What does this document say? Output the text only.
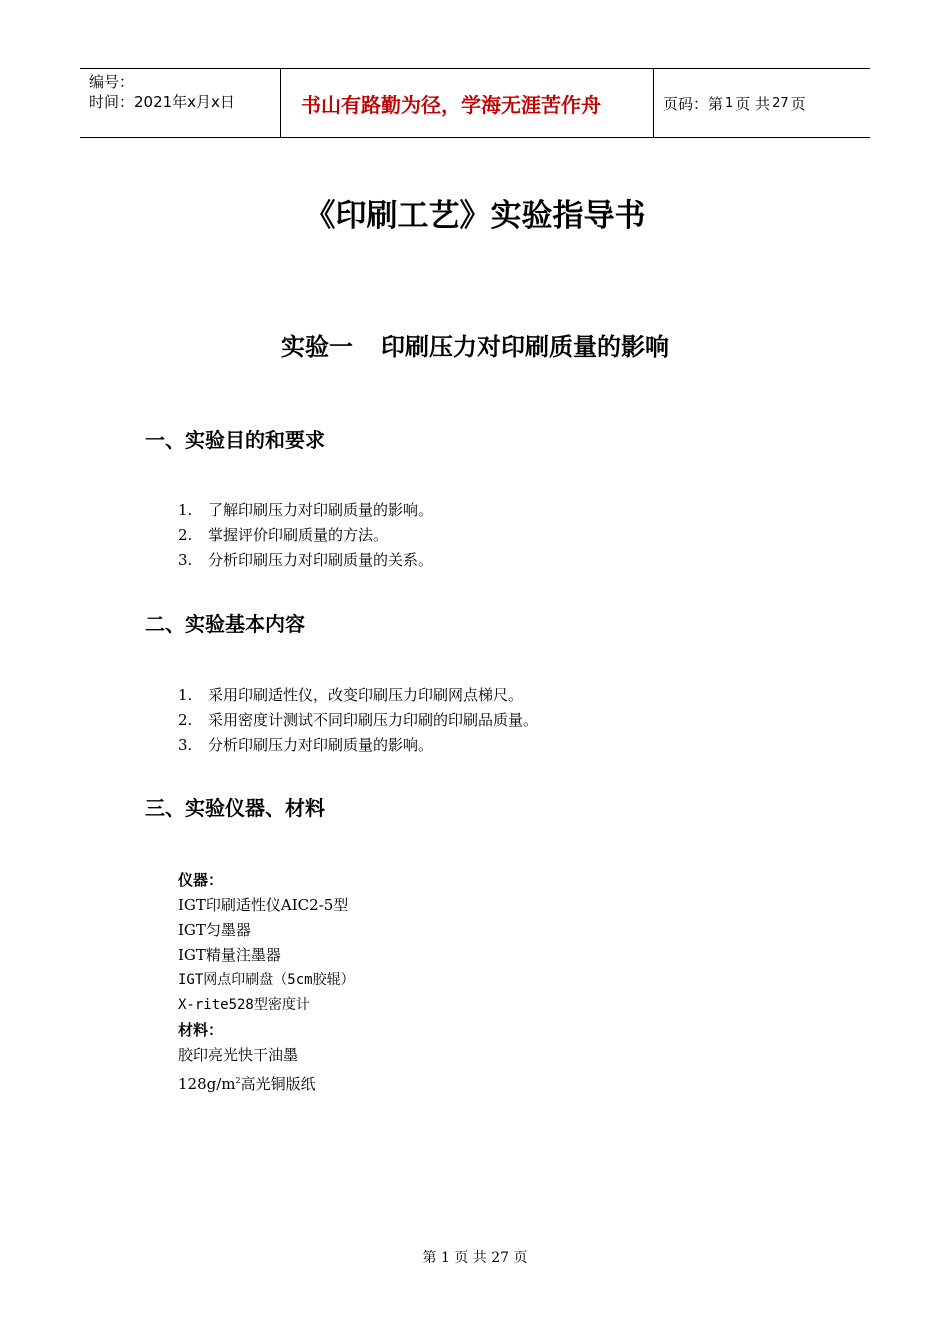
编号：
时间：2021年x月x日	书山有路勤为径，学海无涯苦作舟	页码：第 1 页 共 27 页
《印刷工艺》实验指导书
实验一 印刷压力对印刷质量的影响
一、实验目的和要求
1.	了解印刷压力对印刷质量的影响。
2.	掌握评价印刷质量的方法。
3.	分析印刷压力对印刷质量的关系。
二、实验基本内容
1.	采用印刷适性仪，改变印刷压力印刷网点梯尺。
2.	采用密度计测试不同印刷压力印刷的印刷品质量。
3.	分析印刷压力对印刷质量的影响。
三、实验仪器、材料
仪器：
IGT印刷适性仪AIC2-5型
IGT匀墨器
IGT精量注墨器
IGT网点印刷盘（5cm胶辊）
X-rite528型密度计
材料：
胶印亮光快干油墨
$128g/m^2$高光铜版纸
第 1 页 共 27 页
